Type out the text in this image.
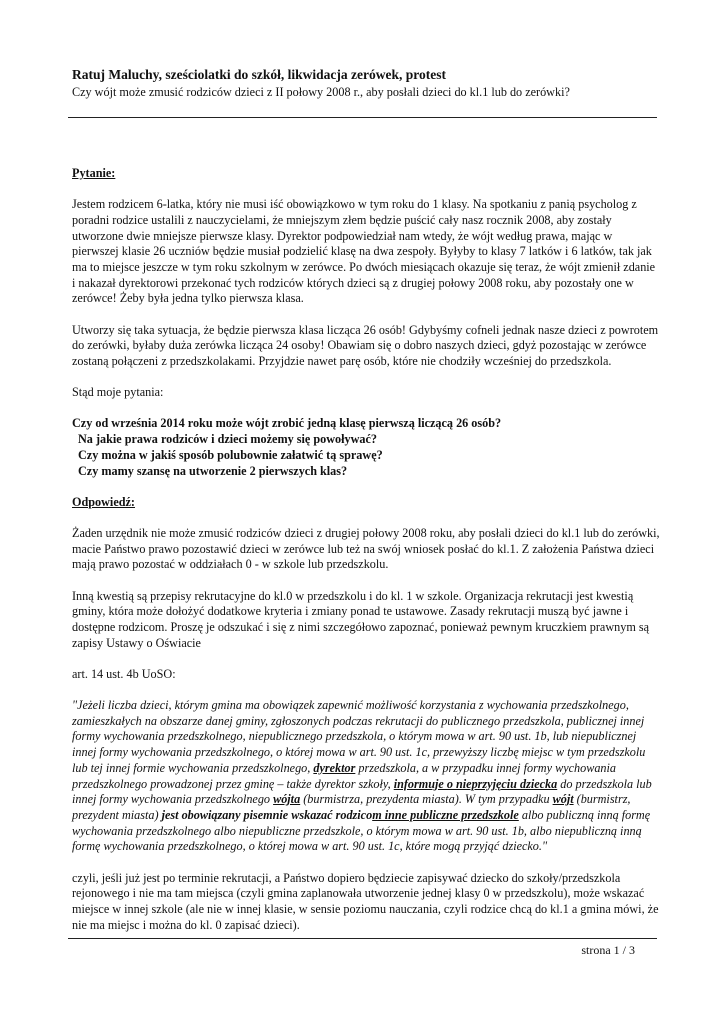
Ratuj Maluchy, sześciolatki do szkół, likwidacja zerówek, protest

Czy wójt może zmusić rodziców dzieci z II połowy 2008 r., aby posłali dzieci do kl.1 lub do zerówki?

Pytanie:

Jestem rodzicem 6-latka, który nie musi iść obowiązkowo w tym roku do 1 klasy. Na spotkaniu z panią psycholog z poradni rodzice ustalili z nauczycielami, że mniejszym złem będzie puścić cały nasz rocznik 2008, aby zostały utworzone dwie mniejsze pierwsze klasy. Dyrektor podpowiedział nam wtedy, że wójt według prawa, mając w pierwszej klasie 26 uczniów będzie musiał podzielić klasę na dwa zespoły. Byłyby to klasy 7 latków i 6 latków, tak jak ma to miejsce jeszcze w tym roku szkolnym w zerówce. Po dwóch miesiącach okazuje się teraz, że wójt zmienił zdanie i nakazał dyrektorowi przekonać tych rodziców których dzieci są z drugiej połowy 2008 roku, aby pozostały one w zerówce! Żeby była jedna tylko pierwsza klasa.

Utworzy się taka sytuacja, że będzie pierwsza klasa licząca 26 osób! Gdybyśmy cofneli jednak nasze dzieci z powrotem do zerówki, byłaby duża zerówka licząca 24 osoby! Obawiam się o dobro naszych dzieci, gdyż pozostając w zerówce zostaną połączeni z przedszkolakami. Przyjdzie nawet parę osób, które nie chodziły wcześniej do przedszkola.

Stąd moje pytania:

Czy od września 2014 roku może wójt zrobić jedną klasę pierwszą liczącą 26 osób?
Na jakie prawa rodziców i dzieci możemy się powoływać?
Czy można w jakiś sposób polubownie załatwić tą sprawę?
Czy mamy szansę na utworzenie 2 pierwszych klas?

Odpowiedź:

Żaden urzędnik nie może zmusić rodziców dzieci z drugiej połowy 2008 roku, aby posłali dzieci do kl.1 lub do zerówki, macie Państwo prawo pozostawić dzieci w zerówce lub też na swój wniosek posłać do kl.1. Z założenia Państwa dzieci mają prawo pozostać w oddziałach 0 - w szkole lub przedszkolu.

Inną kwestią są przepisy rekrutacyjne do kl.0 w przedszkolu i do kl. 1 w szkole. Organizacja rekrutacji jest kwestią gminy, która może dołożyć dodatkowe kryteria i zmiany ponad te ustawowe. Zasady rekrutacji muszą być jawne i dostępne rodzicom. Proszę je odszukać i się z nimi szczegółowo zapoznać, ponieważ pewnym kruczkiem prawnym są zapisy Ustawy o Oświacie

art. 14 ust. 4b UoSO:

"Jeżeli liczba dzieci, którym gmina ma obowiązek zapewnić możliwość korzystania z wychowania przedszkolnego, zamieszkałych na obszarze danej gminy, zgłoszonych podczas rekrutacji do publicznego przedszkola, publicznej innej formy wychowania przedszkolnego, niepublicznego przedszkola, o którym mowa w art. 90 ust. 1b, lub niepublicznej innej formy wychowania przedszkolnego, o której mowa w art. 90 ust. 1c, przewyższy liczbę miejsc w tym przedszkolu lub tej innej formie wychowania przedszkolnego, dyrektor przedszkola, a w przypadku innej formy wychowania przedszkolnego prowadzonej przez gminę – także dyrektor szkoły, informuje o nieprzyjęciu dziecka do przedszkola lub innej formy wychowania przedszkolnego wójta (burmistrza, prezydenta miasta). W tym przypadku wójt (burmistrz, prezydent miasta) jest obowiązany pisemnie wskazać rodzicom inne publiczne przedszkole albo publiczną inną formę wychowania przedszkolnego albo niepubliczne przedszkole, o którym mowa w art. 90 ust. 1b, albo niepubliczną inną formę wychowania przedszkolnego, o której mowa w art. 90 ust. 1c, które mogą przyjąć dziecko."

czyli, jeśli już jest po terminie rekrutacji, a Państwo dopiero będziecie zapisywać dziecko do szkoły/przedszkola rejonowego i nie ma tam miejsca (czyli gmina zaplanowała utworzenie jednej klasy 0 w przedszkolu), może wskazać miejsce w innej szkole (ale nie w innej klasie, w sensie poziomu nauczania, czyli rodzice chcą do kl.1 a gmina mówi, że nie ma miejsc i można do kl. 0 zapisać dzieci).

strona 1 / 3
